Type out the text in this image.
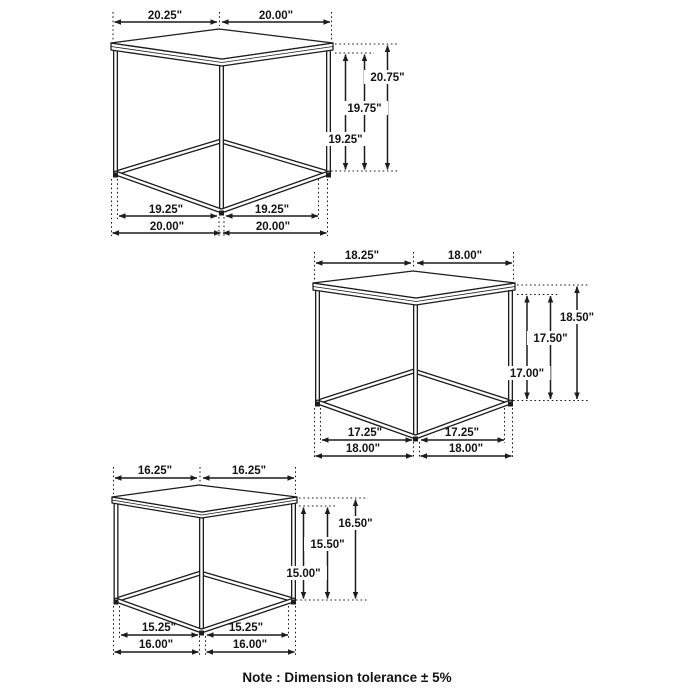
20.25"	20.00"
19.25"
19.75"
20.75"
19.25"	19.25"
20.00"	20.00"
18.25"	18.00"
17.00"
17.50"
18.50"
17.25"	17.25"
18.00"	18.00"
16.25"	16.25"
15.00"
15.50"
16.50"
15.25"	15.25"
16.00"	16.00"
Note : Dimension tolerance ± 5%
